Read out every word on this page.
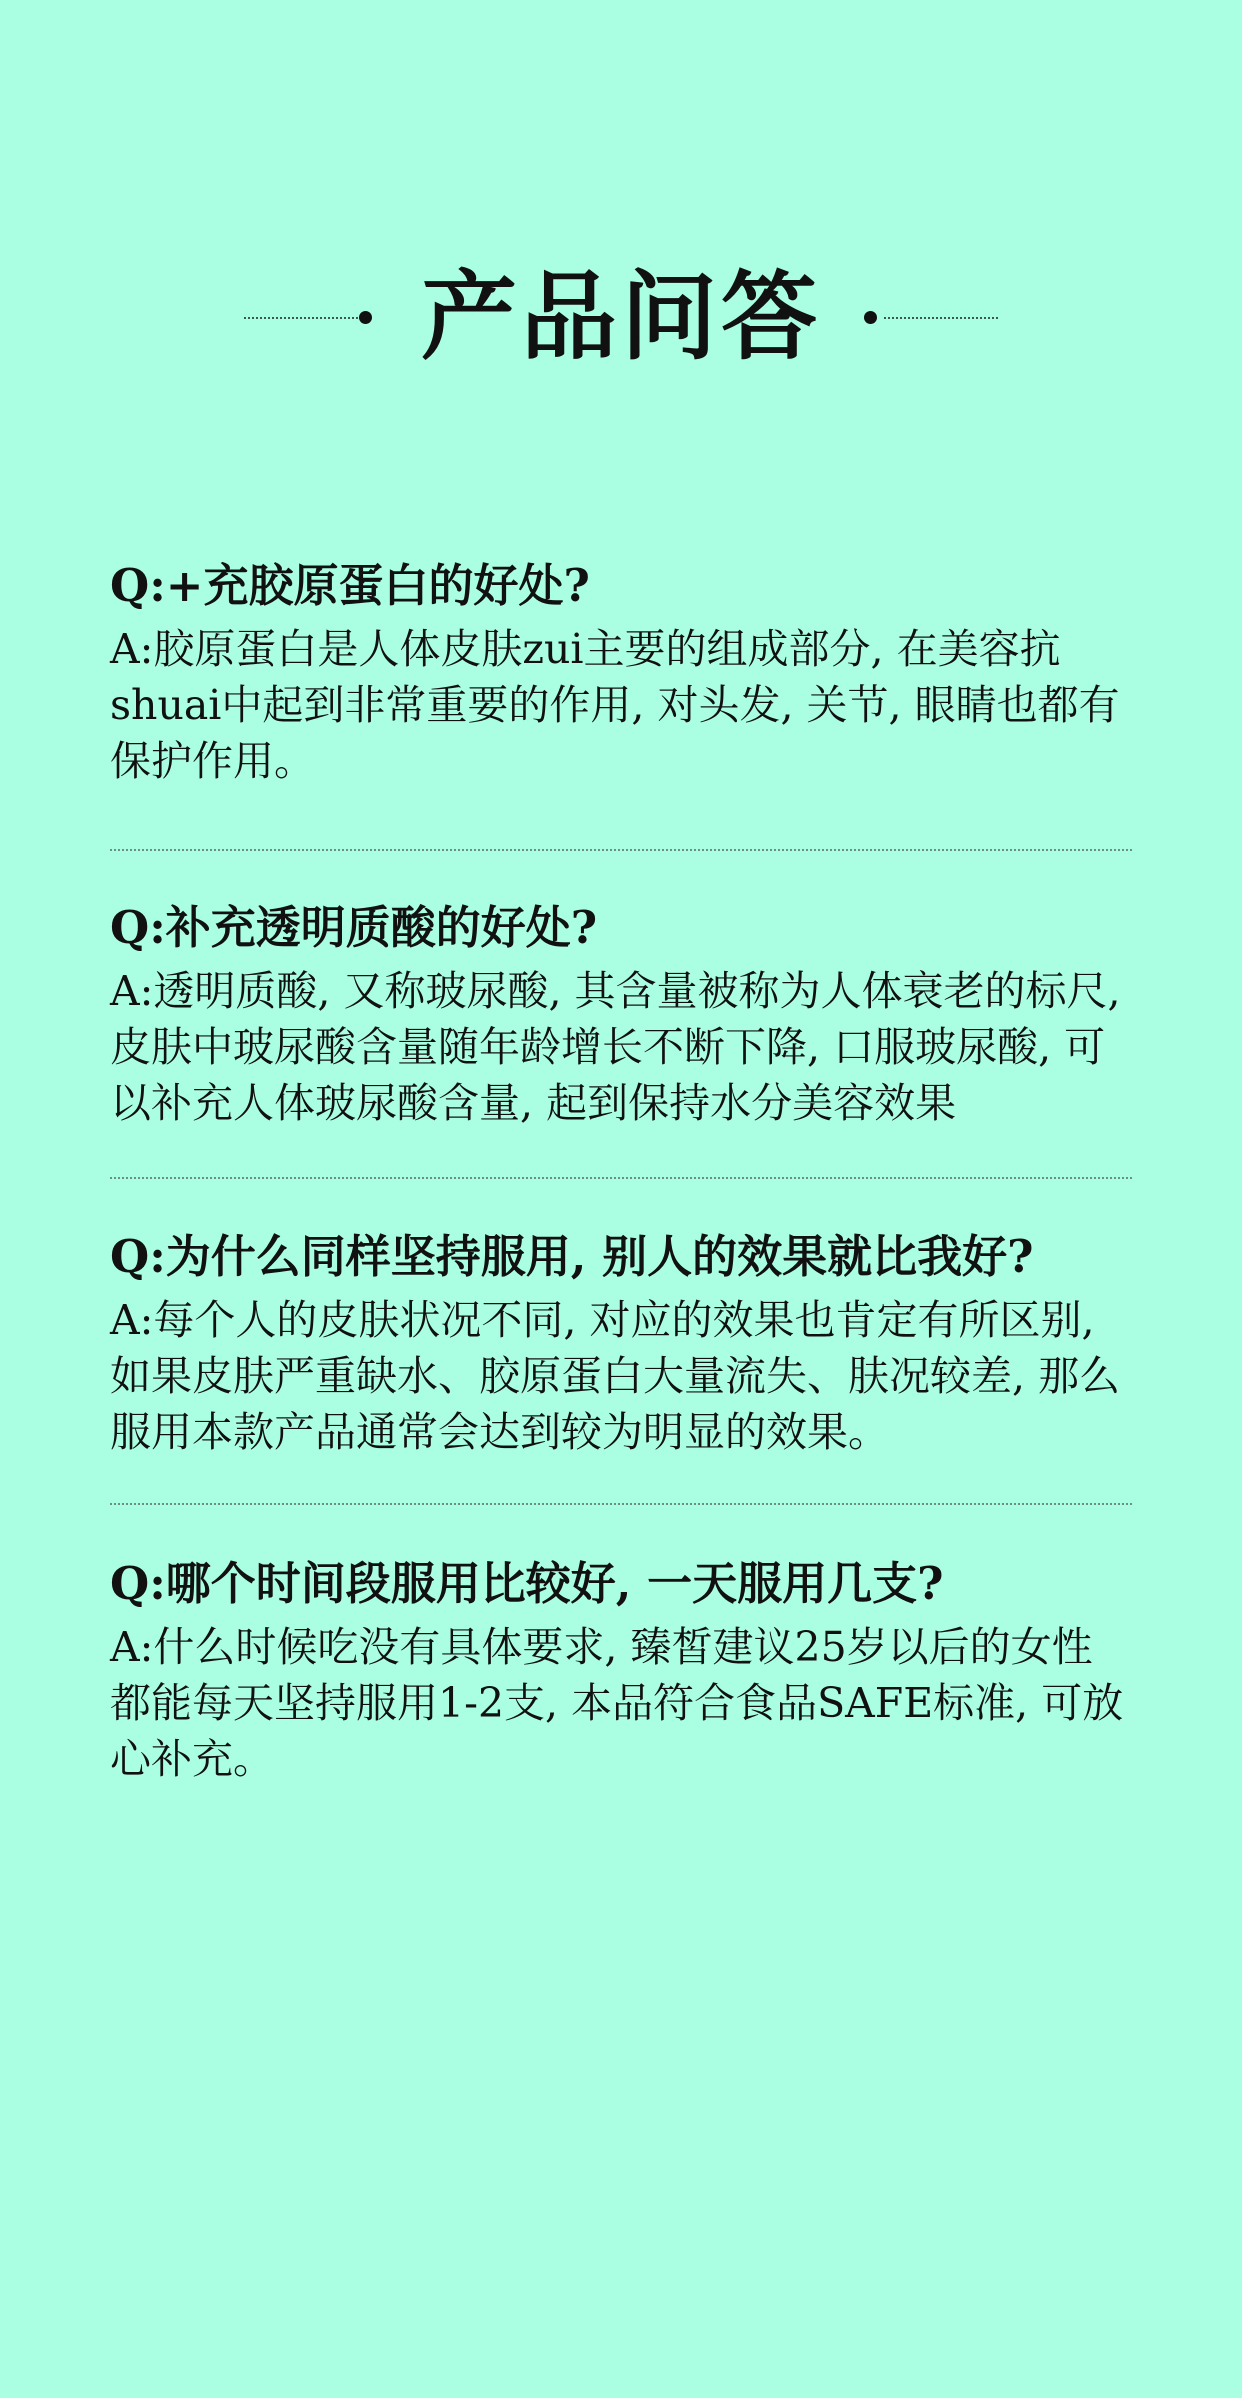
产品问答
Q:+充胶原蛋白的好处?
A:胶原蛋白是人体皮肤zui主要的组成部分, 在美容抗shuai中起到非常重要的作用, 对头发, 关节, 眼睛也都有保护作用。
Q:补充透明质酸的好处?
A:透明质酸, 又称玻尿酸, 其含量被称为人体衰老的标尺, 皮肤中玻尿酸含量随年龄增长不断下降, 口服玻尿酸, 可以补充人体玻尿酸含量, 起到保持水分美容效果
Q:为什么同样坚持服用, 别人的效果就比我好?
A:每个人的皮肤状况不同, 对应的效果也肯定有所区别, 如果皮肤严重缺水、胶原蛋白大量流失、肤况较差, 那么服用本款产品通常会达到较为明显的效果。
Q:哪个时间段服用比较好, 一天服用几支?
A:什么时候吃没有具体要求, 臻皙建议25岁以后的女性都能每天坚持服用1-2支, 本品符合食品SAFE标准, 可放心补充。
